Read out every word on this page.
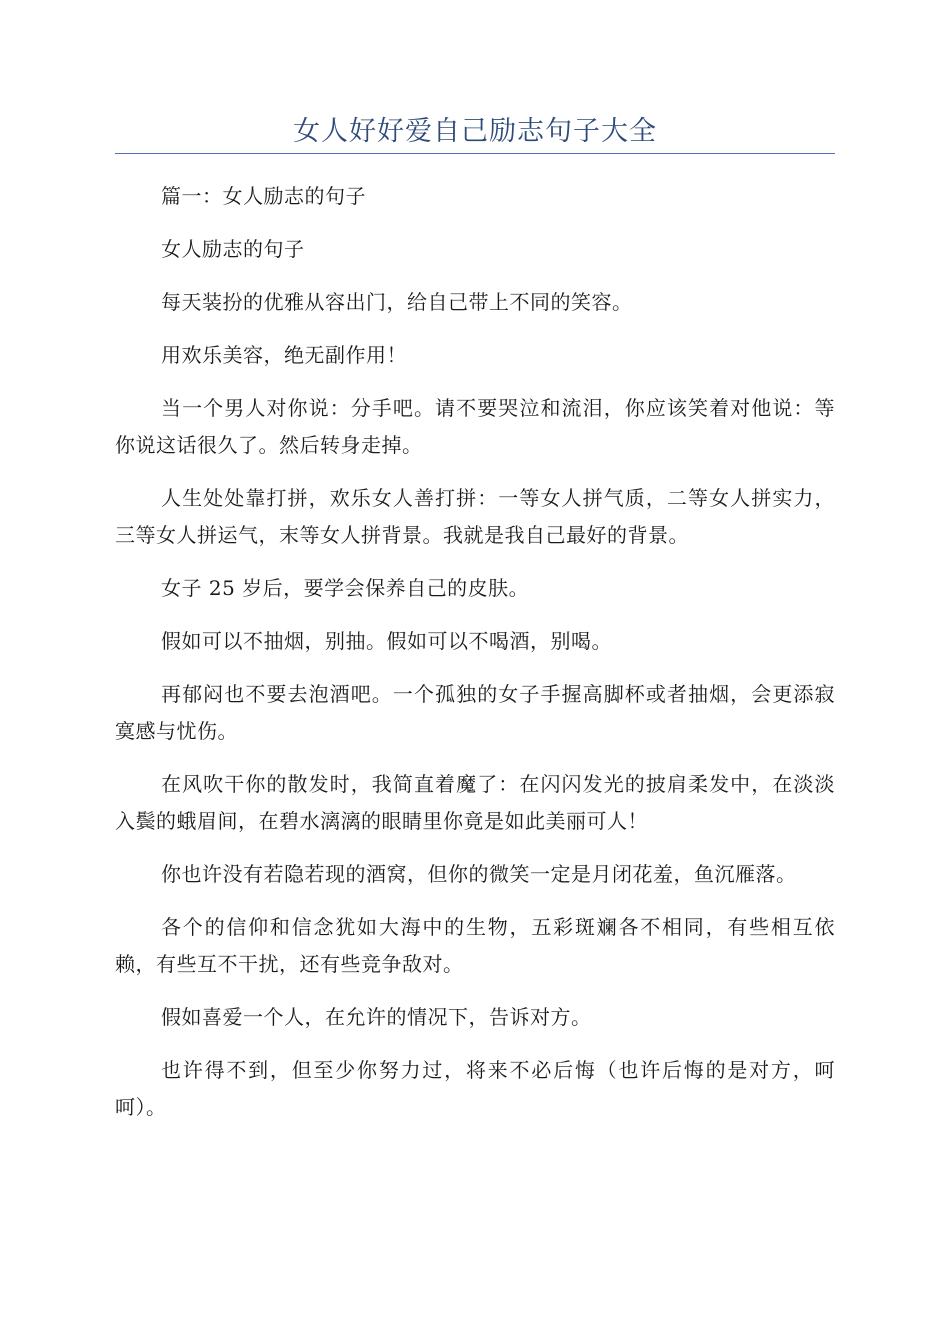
女人好好爱自己励志句子大全

篇一：女人励志的句子

女人励志的句子

每天装扮的优雅从容出门，给自己带上不同的笑容。

用欢乐美容，绝无副作用！

当一个男人对你说：分手吧。请不要哭泣和流泪，你应该笑着对他说：等你说这话很久了。然后转身走掉。

人生处处靠打拼，欢乐女人善打拼：一等女人拼气质，二等女人拼实力，三等女人拼运气，末等女人拼背景。我就是我自己最好的背景。

女子 25 岁后，要学会保养自己的皮肤。

假如可以不抽烟，别抽。假如可以不喝酒，别喝。

再郁闷也不要去泡酒吧。一个孤独的女子手握高脚杯或者抽烟，会更添寂寞感与忧伤。

在风吹干你的散发时，我简直着魔了：在闪闪发光的披肩柔发中，在淡淡入鬓的蛾眉间，在碧水漓漓的眼睛里你竟是如此美丽可人！

你也许没有若隐若现的酒窝，但你的微笑一定是月闭花羞，鱼沉雁落。

各个的信仰和信念犹如大海中的生物，五彩斑斓各不相同，有些相互依赖，有些互不干扰，还有些竞争敌对。

假如喜爱一个人，在允许的情况下，告诉对方。

也许得不到，但至少你努力过，将来不必后悔（也许后悔的是对方，呵呵）。
